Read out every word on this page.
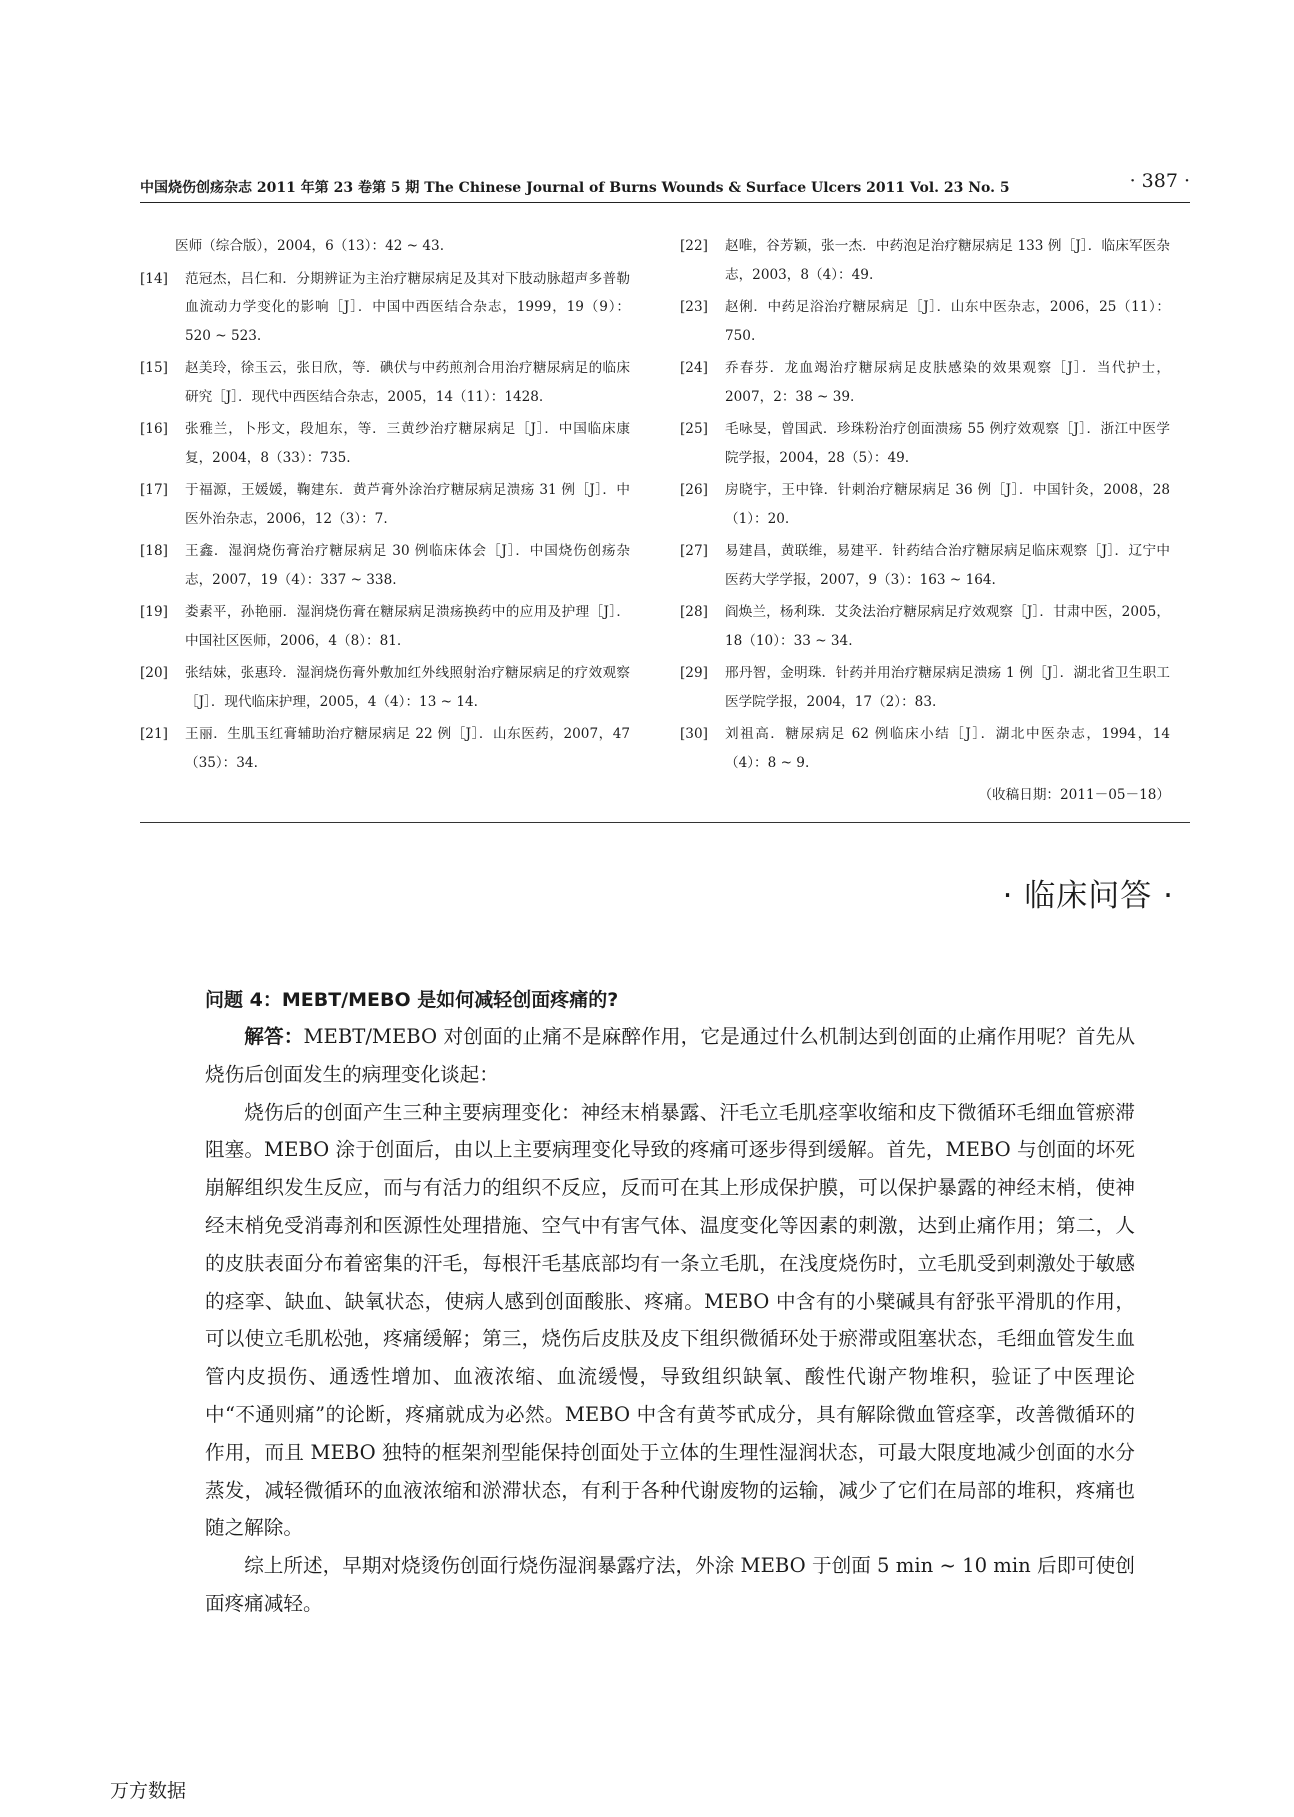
中国烧伤创疡杂志 2011 年第 23 卷第 5 期 The Chinese Journal of Burns Wounds & Surface Ulcers 2011 Vol. 23 No. 5	· 387 ·
医师（综合版），2004，6（13）：42 ~ 43.
[14]	范冠杰，吕仁和．分期辨证为主治疗糖尿病足及其对下肢动脉超声多普勒血流动力学变化的影响［J］．中国中西医结合杂志，1999，19（9）：520 ~ 523.
[15]	赵美玲，徐玉云，张日欣，等．碘伏与中药煎剂合用治疗糖尿病足的临床研究［J］．现代中西医结合杂志，2005，14（11）：1428.
[16]	张雅兰，卜彤文，段旭东，等．三黄纱治疗糖尿病足［J］．中国临床康复，2004，8（33）：735.
[17]	于福源，王媛媛，鞠建东．黄芦膏外涂治疗糖尿病足溃疡 31 例［J］．中医外治杂志，2006，12（3）：7.
[18]	王鑫．湿润烧伤膏治疗糖尿病足 30 例临床体会［J］．中国烧伤创疡杂志，2007，19（4）：337 ~ 338.
[19]	娄素平，孙艳丽．湿润烧伤膏在糖尿病足溃疡换药中的应用及护理［J］．中国社区医师，2006，4（8）：81.
[20]	张结妹，张惠玲．湿润烧伤膏外敷加红外线照射治疗糖尿病足的疗效观察［J］．现代临床护理，2005，4（4）：13 ~ 14.
[21]	王丽．生肌玉红膏辅助治疗糖尿病足 22 例［J］．山东医药，2007，47（35）：34.
[22]	赵唯，谷芳颖，张一杰．中药泡足治疗糖尿病足 133 例［J］．临床军医杂志，2003，8（4）：49.
[23]	赵俐．中药足浴治疗糖尿病足［J］．山东中医杂志，2006，25（11）：750.
[24]	乔春芬．龙血竭治疗糖尿病足皮肤感染的效果观察［J］．当代护士，2007，2：38 ~ 39.
[25]	毛咏旻，曾国武．珍珠粉治疗创面溃疡 55 例疗效观察［J］．浙江中医学院学报，2004，28（5）：49.
[26]	房晓宇，王中锋．针刺治疗糖尿病足 36 例［J］．中国针灸，2008，28（1）：20.
[27]	易建昌，黄联维，易建平．针药结合治疗糖尿病足临床观察［J］．辽宁中医药大学学报，2007，9（3）：163 ~ 164.
[28]	阎焕兰，杨利珠．艾灸法治疗糖尿病足疗效观察［J］．甘肃中医，2005，18（10）：33 ~ 34.
[29]	邢丹智，金明珠．针药并用治疗糖尿病足溃疡 1 例［J］．湖北省卫生职工医学院学报，2004，17（2）：83.
[30]	刘祖高．糖尿病足 62 例临床小结［J］．湖北中医杂志，1994，14（4）：8 ~ 9.
（收稿日期：2011－05－18）
· 临床问答 ·
问题 4：MEBT/MEBO 是如何减轻创面疼痛的?

解答：MEBT/MEBO 对创面的止痛不是麻醉作用，它是通过什么机制达到创面的止痛作用呢？首先从烧伤后创面发生的病理变化谈起：

烧伤后的创面产生三种主要病理变化：神经末梢暴露、汗毛立毛肌痉挛收缩和皮下微循环毛细血管瘀滞阻塞。MEBO 涂于创面后，由以上主要病理变化导致的疼痛可逐步得到缓解。首先，MEBO 与创面的坏死崩解组织发生反应，而与有活力的组织不反应，反而可在其上形成保护膜，可以保护暴露的神经末梢，使神经末梢免受消毒剂和医源性处理措施、空气中有害气体、温度变化等因素的刺激，达到止痛作用；第二，人的皮肤表面分布着密集的汗毛，每根汗毛基底部均有一条立毛肌，在浅度烧伤时，立毛肌受到刺激处于敏感的痉挛、缺血、缺氧状态，使病人感到创面酸胀、疼痛。MEBO 中含有的小檗碱具有舒张平滑肌的作用，可以使立毛肌松弛，疼痛缓解；第三，烧伤后皮肤及皮下组织微循环处于瘀滞或阻塞状态，毛细血管发生血管内皮损伤、通透性增加、血液浓缩、血流缓慢，导致组织缺氧、酸性代谢产物堆积，验证了中医理论中“不通则痛”的论断，疼痛就成为必然。MEBO 中含有黄芩甙成分，具有解除微血管痉挛，改善微循环的作用，而且 MEBO 独特的框架剂型能保持创面处于立体的生理性湿润状态，可最大限度地减少创面的水分蒸发，减轻微循环的血液浓缩和淤滞状态，有利于各种代谢废物的运输，减少了它们在局部的堆积，疼痛也随之解除。

综上所述，早期对烧烫伤创面行烧伤湿润暴露疗法，外涂 MEBO 于创面 5 min ~ 10 min 后即可使创面疼痛减轻。

万方数据
